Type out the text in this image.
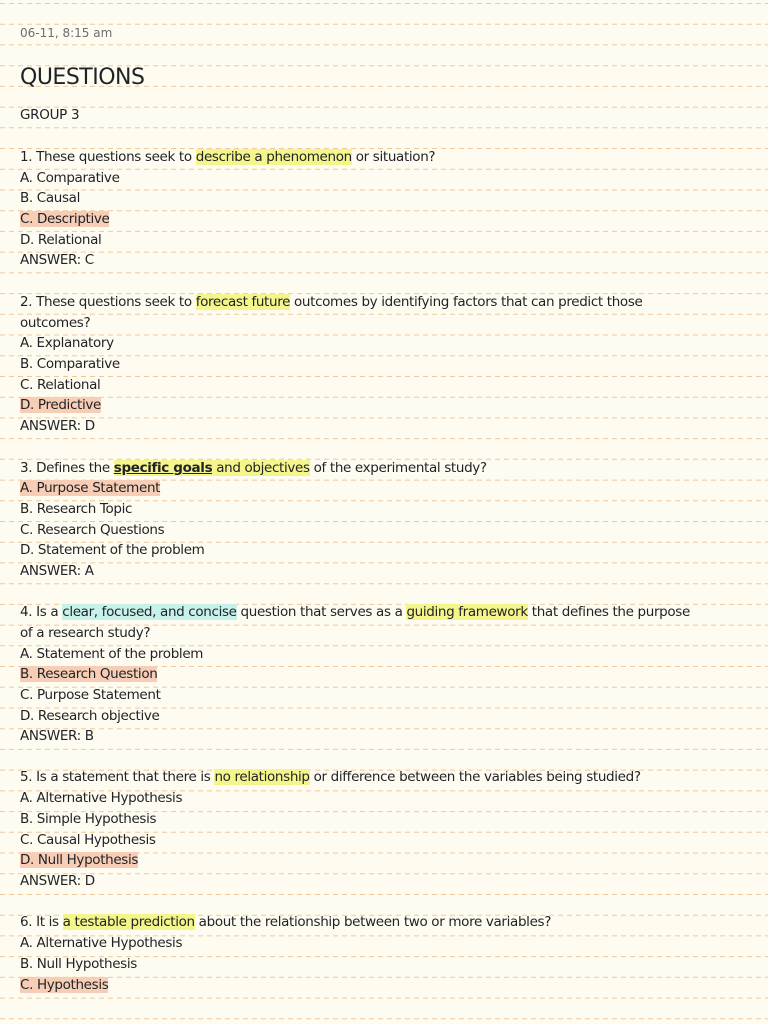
06-11, 8:15 am
QUESTIONS
GROUP 3
1. These questions seek to describe a phenomenon or situation?
A. Comparative
B. Causal
C. Descriptive
D. Relational
ANSWER: C
2. These questions seek to forecast future outcomes by identifying factors that can predict those
outcomes?
A. Explanatory
B. Comparative
C. Relational
D. Predictive
ANSWER: D
3. Defines the specific goals and objectives of the experimental study?
A. Purpose Statement
B. Research Topic
C. Research Questions
D. Statement of the problem
ANSWER: A
4. Is a clear, focused, and concise question that serves as a guiding framework that defines the purpose
of a research study?
A. Statement of the problem
B. Research Question
C. Purpose Statement
D. Research objective
ANSWER: B
5. Is a statement that there is no relationship or difference between the variables being studied?
A. Alternative Hypothesis
B. Simple Hypothesis
C. Causal Hypothesis
D. Null Hypothesis
ANSWER: D
6. It is a testable prediction about the relationship between two or more variables?
A. Alternative Hypothesis
B. Null Hypothesis
C. Hypothesis
